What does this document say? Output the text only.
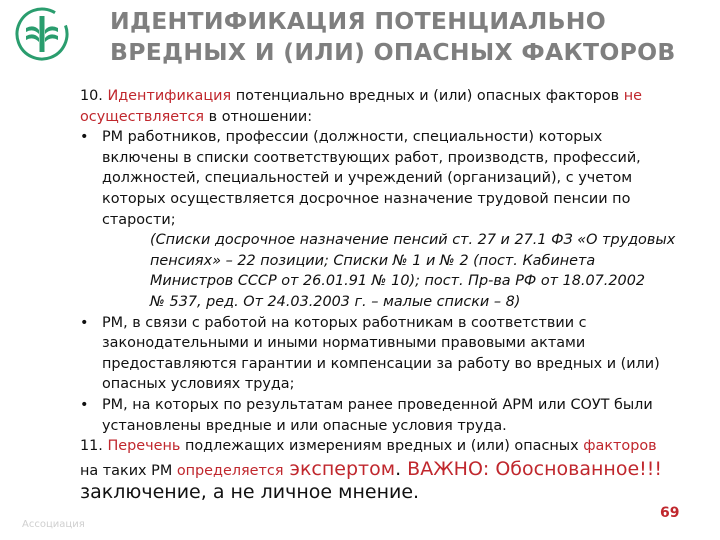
ИДЕНТИФИКАЦИЯ ПОТЕНЦИАЛЬНО
ВРЕДНЫХ И (ИЛИ) ОПАСНЫХ ФАКТОРОВ
10. Идентификация потенциально вредных и (или) опасных факторов не
осуществляется в отношении:
• РМ работников, профессии (должности, специальности) которых
включены в списки соответствующих работ, производств, профессий,
должностей, специальностей и учреждений (организаций), с учетом
которых осуществляется досрочное назначение трудовой пенсии по
старости;
(Списки досрочное назначение пенсий ст. 27 и 27.1 ФЗ «О трудовых
пенсиях» – 22 позиции; Списки № 1 и № 2 (пост. Кабинета
Министров СССР от 26.01.91 № 10); пост. Пр-ва РФ от 18.07.2002
№ 537, ред. От 24.03.2003 г. – малые списки – 8)
• РМ, в связи с работой на которых работникам в соответствии с
законодательными и иными нормативными правовыми актами
предоставляются гарантии и компенсации за работу во вредных и (или)
опасных условиях труда;
• РМ, на которых по результатам ранее проведенной АРМ или СОУТ были
установлены вредные и или опасные условия труда.
11. Перечень подлежащих измерениям вредных и (или) опасных факторов
на таких РМ определяется экспертом. ВАЖНО: Обоснованное!!!
заключение, а не личное мнение.
69
Ассоциация
